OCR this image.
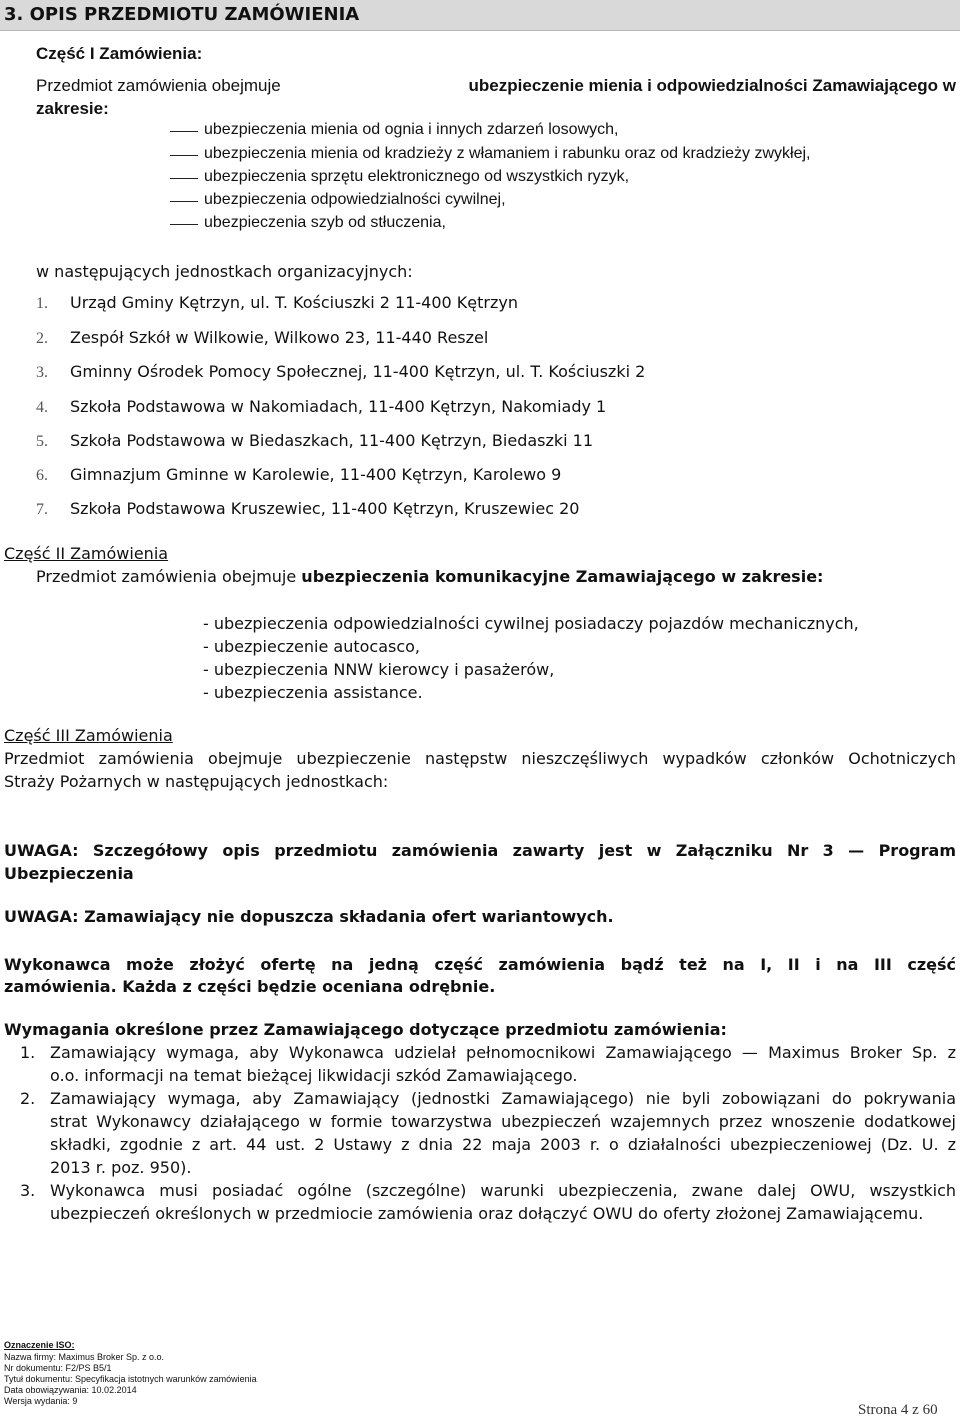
3. OPIS PRZEDMIOTU ZAMÓWIENIA
Część I Zamówienia:
Przedmiot zamówienia obejmuje	ubezpieczenie mienia i odpowiedzialności Zamawiającego w
zakresie:
ubezpieczenia mienia od ognia i innych zdarzeń losowych,
ubezpieczenia mienia od kradzieży z włamaniem i rabunku oraz od kradzieży zwykłej,
ubezpieczenia sprzętu elektronicznego od wszystkich ryzyk,
ubezpieczenia odpowiedzialności cywilnej,
ubezpieczenia szyb od stłuczenia,
w następujących jednostkach organizacyjnych:
1. Urząd Gminy Kętrzyn, ul. T. Kościuszki 2 11-400 Kętrzyn
2. Zespół Szkół w Wilkowie, Wilkowo 23, 11-440 Reszel
3. Gminny Ośrodek Pomocy Społecznej, 11-400 Kętrzyn, ul. T. Kościuszki 2
4. Szkoła Podstawowa w Nakomiadach, 11-400 Kętrzyn, Nakomiady 1
5. Szkoła Podstawowa w Biedaszkach, 11-400 Kętrzyn, Biedaszki 11
6. Gimnazjum Gminne w Karolewie, 11-400 Kętrzyn, Karolewo 9
7. Szkoła Podstawowa Kruszewiec, 11-400 Kętrzyn, Kruszewiec 20
Część II Zamówienia
Przedmiot zamówienia obejmuje ubezpieczenia komunikacyjne Zamawiającego w zakresie:
- ubezpieczenia odpowiedzialności cywilnej posiadaczy pojazdów mechanicznych,
- ubezpieczenie autocasco,
- ubezpieczenia NNW kierowcy i pasażerów,
- ubezpieczenia assistance.
Część III Zamówienia
Przedmiot zamówienia obejmuje ubezpieczenie następstw nieszczęśliwych wypadków członków Ochotniczych
Straży Pożarnych w następujących jednostkach:
UWAGA: Szczegółowy opis przedmiotu zamówienia zawarty jest w Załączniku Nr 3 — Program
Ubezpieczenia
UWAGA: Zamawiający nie dopuszcza składania ofert wariantowych.
Wykonawca może złożyć ofertę na jedną część zamówienia bądź też na I, II i na III część
zamówienia. Każda z części będzie oceniana odrębnie.
Wymagania określone przez Zamawiającego dotyczące przedmiotu zamówienia:
1. Zamawiający wymaga, aby Wykonawca udzielał pełnomocnikowi Zamawiającego — Maximus Broker Sp. z
o.o. informacji na temat bieżącej likwidacji szkód Zamawiającego.
2. Zamawiający wymaga, aby Zamawiający (jednostki Zamawiającego) nie byli zobowiązani do pokrywania
strat Wykonawcy działającego w formie towarzystwa ubezpieczeń wzajemnych przez wnoszenie dodatkowej
składki, zgodnie z art. 44 ust. 2 Ustawy z dnia 22 maja 2003 r. o działalności ubezpieczeniowej (Dz. U. z
2013 r. poz. 950).
3. Wykonawca musi posiadać ogólne (szczególne) warunki ubezpieczenia, zwane dalej OWU, wszystkich
ubezpieczeń określonych w przedmiocie zamówienia oraz dołączyć OWU do oferty złożonej Zamawiającemu.
Oznaczenie ISO:
Nazwa firmy: Maximus Broker Sp. z o.o.
Nr dokumentu: F2/PS B5/1
Tytuł dokumentu: Specyfikacja istotnych warunków zamówienia
Data obowiązywania: 10.02.2014
Wersja wydania: 9
Strona 4 z 60
